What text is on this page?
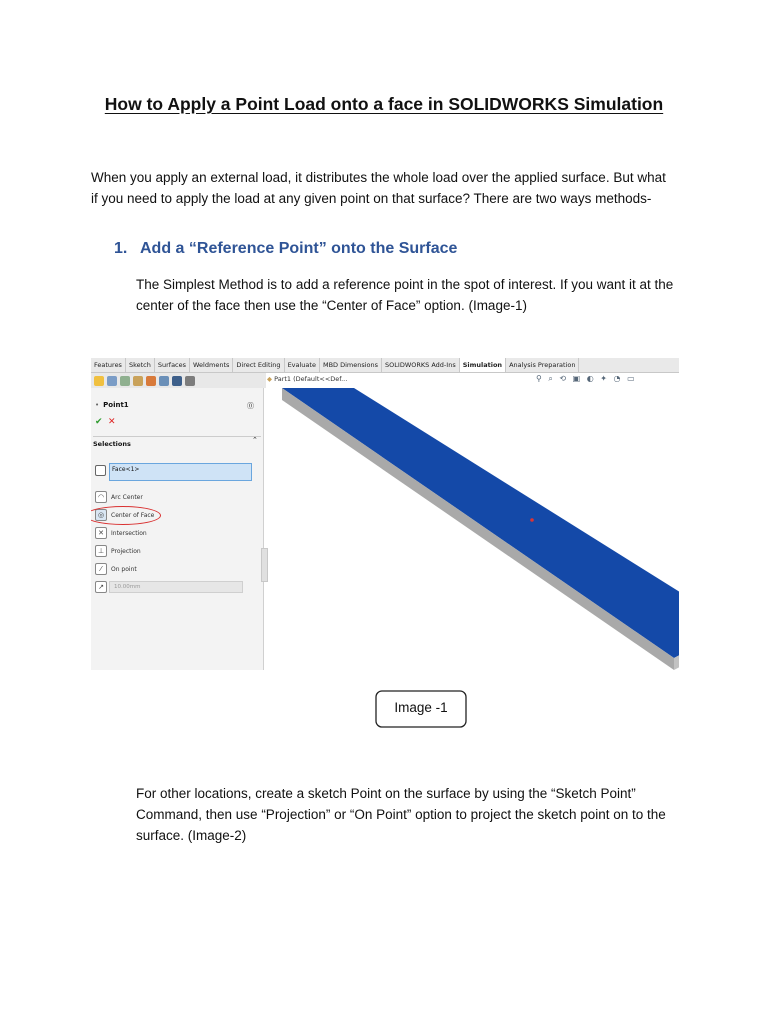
How to Apply a Point Load onto a face in SOLIDWORKS Simulation

When you apply an external load, it distributes the whole load over the applied surface. But what if you need to apply the load at any given point on that surface? There are two ways methods-

1. Add a “Reference Point” onto the Surface

The Simplest Method is to add a reference point in the spot of interest. If you want it at the center of the face then use the “Center of Face” option. (Image-1)

Features	Sketch	Surfaces	Weldments	Direct Editing	Evaluate	MBD Dimensions	SOLIDWORKS Add-Ins	Simulation	Analysis Preparation
• Point1	⓪
✔ ✕
Selections	⌃
Face<1>
◠	Arc Center
◎	Center of Face
✕	Intersection
⊥	Projection
⁄	On point
↗	10.00mm
◆ Part1 (Default<<Def...	⚲ ⌕ ⟲ ▣ ◐ ✦ ◔ ▭
Image -1

For other locations, create a sketch Point on the surface by using the “Sketch Point” Command, then use “Projection” or “On Point” option to project the sketch point on to the surface. (Image-2)
